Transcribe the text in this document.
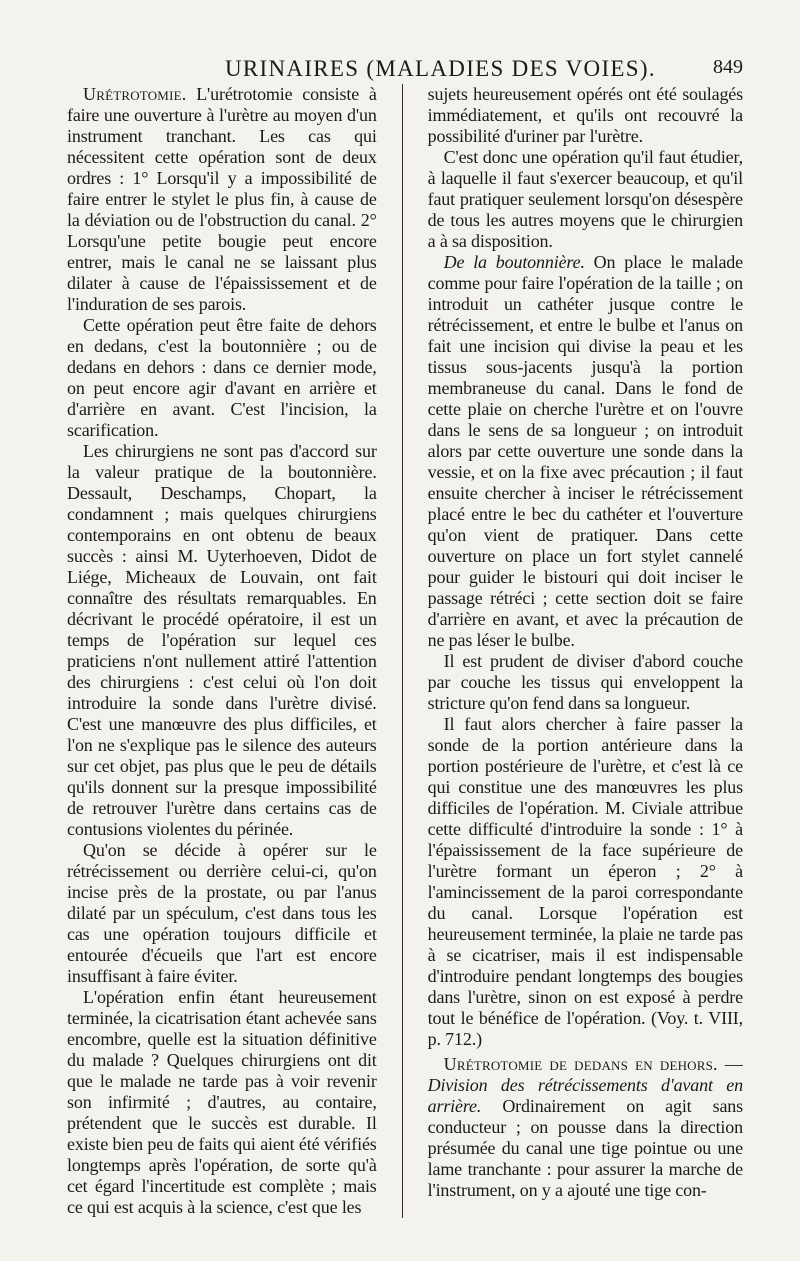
URINAIRES (MALADIES DES VOIES).	849

Urétrotomie. L'urétrotomie consiste à faire une ouverture à l'urètre au moyen d'un instrument tranchant. Les cas qui nécessitent cette opération sont de deux ordres : 1° Lorsqu'il y a impossibilité de faire entrer le stylet le plus fin, à cause de la déviation ou de l'obstruction du canal. 2° Lorsqu'une petite bougie peut encore entrer, mais le canal ne se laissant plus dilater à cause de l'épaississement et de l'induration de ses parois.

Cette opération peut être faite de dehors en dedans, c'est la boutonnière ; ou de dedans en dehors : dans ce dernier mode, on peut encore agir d'avant en arrière et d'arrière en avant. C'est l'incision, la scarification.

Les chirurgiens ne sont pas d'accord sur la valeur pratique de la boutonnière. Dessault, Deschamps, Chopart, la condamnent ; mais quelques chirurgiens contemporains en ont obtenu de beaux succès : ainsi M. Uyterhoeven, Didot de Liége, Micheaux de Louvain, ont fait connaître des résultats remarquables. En décrivant le procédé opératoire, il est un temps de l'opération sur lequel ces praticiens n'ont nullement attiré l'attention des chirurgiens : c'est celui où l'on doit introduire la sonde dans l'urètre divisé. C'est une manœuvre des plus difficiles, et l'on ne s'explique pas le silence des auteurs sur cet objet, pas plus que le peu de détails qu'ils donnent sur la presque impossibilité de retrouver l'urètre dans certains cas de contusions violentes du périnée.

Qu'on se décide à opérer sur le rétrécissement ou derrière celui-ci, qu'on incise près de la prostate, ou par l'anus dilaté par un spéculum, c'est dans tous les cas une opération toujours difficile et entourée d'écueils que l'art est encore insuffisant à faire éviter.

L'opération enfin étant heureusement terminée, la cicatrisation étant achevée sans encombre, quelle est la situation définitive du malade ? Quelques chirurgiens ont dit que le malade ne tarde pas à voir revenir son infirmité ; d'autres, au contaire, prétendent que le succès est durable. Il existe bien peu de faits qui aient été vérifiés longtemps après l'opération, de sorte qu'à cet égard l'incertitude est complète ; mais ce qui est acquis à la science, c'est que les

sujets heureusement opérés ont été soulagés immédiatement, et qu'ils ont recouvré la possibilité d'uriner par l'urètre.

C'est donc une opération qu'il faut étudier, à laquelle il faut s'exercer beaucoup, et qu'il faut pratiquer seulement lorsqu'on désespère de tous les autres moyens que le chirurgien a à sa disposition.

De la boutonnière. On place le malade comme pour faire l'opération de la taille ; on introduit un cathéter jusque contre le rétrécissement, et entre le bulbe et l'anus on fait une incision qui divise la peau et les tissus sous-jacents jusqu'à la portion membraneuse du canal. Dans le fond de cette plaie on cherche l'urètre et on l'ouvre dans le sens de sa longueur ; on introduit alors par cette ouverture une sonde dans la vessie, et on la fixe avec précaution ; il faut ensuite chercher à inciser le rétrécissement placé entre le bec du cathéter et l'ouverture qu'on vient de pratiquer. Dans cette ouverture on place un fort stylet cannelé pour guider le bistouri qui doit inciser le passage rétréci ; cette section doit se faire d'arrière en avant, et avec la précaution de ne pas léser le bulbe.

Il est prudent de diviser d'abord couche par couche les tissus qui enveloppent la stricture qu'on fend dans sa longueur.

Il faut alors chercher à faire passer la sonde de la portion antérieure dans la portion postérieure de l'urètre, et c'est là ce qui constitue une des manœuvres les plus difficiles de l'opération. M. Civiale attribue cette difficulté d'introduire la sonde : 1° à l'épaississement de la face supérieure de l'urètre formant un éperon ; 2° à l'amincissement de la paroi correspondante du canal. Lorsque l'opération est heureusement terminée, la plaie ne tarde pas à se cicatriser, mais il est indispensable d'introduire pendant longtemps des bougies dans l'urètre, sinon on est exposé à perdre tout le bénéfice de l'opération. (Voy. t. VIII, p. 712.)

Urétrotomie de dedans en dehors. — Division des rétrécissements d'avant en arrière. Ordinairement on agit sans conducteur ; on pousse dans la direction présumée du canal une tige pointue ou une lame tranchante : pour assurer la marche de l'instrument, on y a ajouté une tige con-
